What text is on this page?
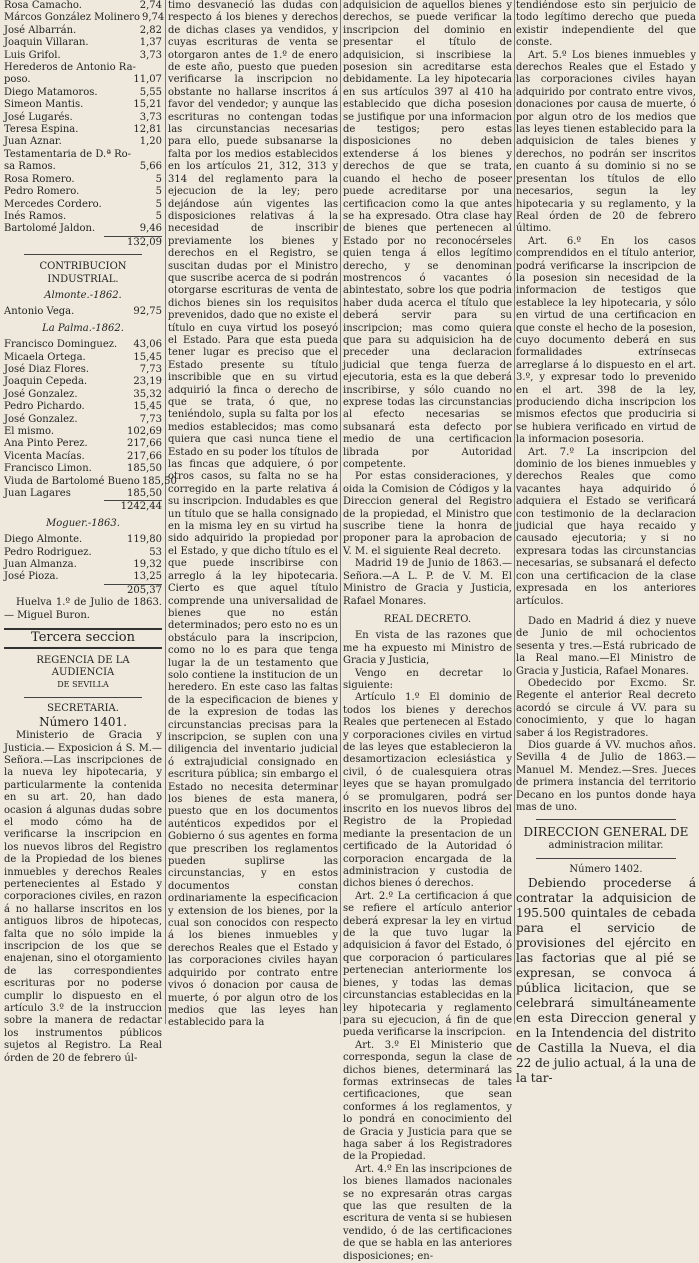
Rosa Camacho.	2,74
Márcos González Molinero 9,74
José Albarrán.	2,82
Joaquin Villaran.	1,37
Luis Grifol.	3,73
Herederos de Antonio Ra-
poso.	11,07
Diego Matamoros.	5,55
Simeon Mantis.	15,21
José Lugarés.	3,73
Teresa Espina.	12,81
Juan Aznar.	1,20
Testamentaria de D.ª Ro-
sa Ramos.	5,66
Rosa Romero.	5
Pedro Romero.	5
Mercedes Cordero.	5
Inés Ramos.	5
Bartolomé Jaldon.	9,46
132,09
CONTRIBUCION INDUSTRIAL.
Almonte.-1862.
Antonio Vega.	92,75
La Palma.-1862.
Francisco Dominguez. 43,06
Micaela Ortega.	15,45
José Diaz Flores.	7,73
Joaquin Cepeda.	23,19
José Gonzalez.	35,32
Pedro Pichardo.	15,45
José Gonzalez.	7,73
El mismo.	102,69
Ana Pinto Perez.	217,66
Vicenta Macías.	217,66
Francisco Limon.	185,50
Viuda de Bartolomé Bueno 185,50
Juan Lagares	185,50
1242,44
Moguer.-1863.
Diego Almonte.	119,80
Pedro Rodriguez.	53
Juan Almanza.	19,32
José Pioza.	13,25
205,37
Huelva 1.º de Julio de 1863.— Miguel Buron.
Tercera seccion
REGENCIA DE LA AUDIENCIA
DE SEVILLA
SECRETARIA.
Número 1401.

Ministerio de Gracia y Justicia.— Exposicion á S. M.—Señora.—Las inscripciones de la nueva ley hipotecaria, y particularmente la contenida en su art. 20, han dado ocasion á algunas dudas sobre el modo cómo ha de verificarse la inscripcion en los nuevos libros del Registro de la Propiedad de los bienes inmuebles y derechos Reales pertenecientes al Estado y corporaciones civiles, en razon á no hallarse inscritos en los antiguos libros de hipotecas, falta que no sólo impide la inscripcion de los que se enajenan, sino el otorgamiento de las correspondientes escrituras por no poderse cumplir lo dispuesto en el artículo 3.º de la instruccion sobre la manera de redactar los instrumentos públicos sujetos al Registro. La Real órden de 20 de febrero úl-

timo desvaneció las dudas con respecto á los bienes y derechos de dichas clases ya vendidos, y cuyas escrituras de venta se otorgaron antes de 1.º de enero de este año, puesto que pueden verificarse la inscripcion no obstante no hallarse inscritos á favor del vendedor; y aunque las escrituras no contengan todas las circunstancias necesarias para ello, puede subsanarse la falta por los medios establecidos en los artículos 21, 312, 313 y 314 del reglamento para la ejecucion de la ley; pero dejándose aún vigentes las disposiciones relativas á la necesidad de inscribir previamente los bienes y derechos en el Registro, se suscitan dudas por el Ministro que suscribe acerca de si podrán otorgarse escrituras de venta de dichos bienes sin los requisitos prevenidos, dado que no existe el título en cuya virtud los poseyó el Estado. Para que esta pueda tener lugar es preciso que el Estado presente su título inscribible que en su virtud adquirió la finca o derecho de que se trata, ó que, no teniéndolo, supla su falta por los medios establecidos; mas como quiera que casi nunca tiene el Estado en su poder los títulos de las fincas que adquiere, ó por otros casos, su falta no se ha corregido en la parte relativa á su inscripcion. Indudables es que un título que se halla consignado en la misma ley en su virtud ha sido adquirido la propiedad por el Estado, y que dicho título es el que puede inscribirse con arreglo á la ley hipotecaria. Cierto es que aquel título comprende una universalidad de bienes que no están determinados; pero esto no es un obstáculo para la inscripcion, como no lo es para que tenga lugar la de un testamento que solo contiene la institucion de un heredero. En este caso las faltas de la especificacion de bienes y de la expresion de todas las circunstancias precisas para la inscripcion, se suplen con una diligencia del inventario judicial ó extrajudicial consignado en escritura pública; sin embargo el Estado no necesita determinar los bienes de esta manera, puesto que en los documentos auténticos expedidos por el Gobierno ó sus agentes en forma que prescriben los reglamentos pueden suplirse las circunstancias, y en estos documentos constan ordinariamente la especificacion y extension de los bienes, por la cual son conocidos con respecto á los bienes inmuebles y derechos Reales que el Estado y las corporaciones civiles hayan adquirido por contrato entre vivos ó donacion por causa de muerte, ó por algun otro de los medios que las leyes han establecido para la

adquisicion de aquellos bienes y derechos, se puede verificar la inscripcion del dominio en presentar el título de adquisicion, si inscribiese la posesion sin acreditarse esta debidamente. La ley hipotecaria en sus artículos 397 al 410 ha establecido que dicha posesion se justifique por una informacion de testigos; pero estas disposiciones no deben extenderse á los bienes y derechos de que se trata, cuando el hecho de poseer puede acreditarse por una certificacion como la que antes se ha expresado. Otra clase hay de bienes que pertenecen al Estado por no reconocérseles quien tenga á ellos legítimo derecho, y se denominan mostrencos ó vacantes ó abintestato, sobre los que podria haber duda acerca el título que deberá servir para su inscripcion; mas como quiera que para su adquisicion ha de preceder una declaracion judicial que tenga fuerza de ejecutoria, esta es la que deberá inscribirse, y sólo cuando no exprese todas las circunstancias al efecto necesarias se subsanará esta defecto por medio de una certificacion librada por Autoridad competente.

Por estas consideraciones, y oida la Comision de Códigos y la Direccion general del Registro de la propiedad, el Ministro que suscribe tiene la honra de proponer para la aprobacion de V. M. el siguiente Real decreto.

Madrid 19 de Junio de 1863.— Señora.—A L. P. de V. M. El Ministro de Gracia y Justicia, Rafael Monares.

REAL DECRETO.

En vista de las razones que me ha expuesto mi Ministro de Gracia y Justicia,

Vengo en decretar lo siguiente:

Artículo 1.º El dominio de todos los bienes y derechos Reales que pertenecen al Estado y corporaciones civiles en virtud de las leyes que establecieron la desamortizacion eclesiástica y civil, ó de cualesquiera otras leyes que se hayan promulgado ó se promulgaren, podrá ser inscrito en los nuevos libros del Registro de la Propiedad mediante la presentacion de un certificado de la Autoridad ó corporacion encargada de la administracion y custodia de dichos bienes ó derechos.

Art. 2.º La certificacion á que se refiere el artículo anterior deberá expresar la ley en virtud de la que tuvo lugar la adquisicion á favor del Estado, ó que corporacion ó particulares pertenecian anteriormente los bienes, y todas las demas circunstancias establecidas en la ley hipotecaria y reglamento para su ejecucion, á fin de que pueda verificarse la inscripcion.

Art. 3.º El Ministerio que corresponda, segun la clase de dichos bienes, determinará las formas extrinsecas de tales certificaciones, que sean conformes á los reglamentos, y lo pondrá en conocimiento del de Gracia y Justicia para que se haga saber á los Registradores de la Propiedad.

Art. 4.º En las inscripciones de los bienes llamados nacionales se no expresarán otras cargas que las que resulten de la escritura de venta si se hubiesen vendido, ó de las certificaciones de que se habla en las anteriores disposiciones; en-

tendiéndose esto sin perjuicio de todo legítimo derecho que pueda existir independiente del que conste.

Art. 5.º Los bienes inmuebles y derechos Reales que el Estado y las corporaciones civiles hayan adquirido por contrato entre vivos, donaciones por causa de muerte, ó por algun otro de los medios que las leyes tienen establecido para la adquisicion de tales bienes y derechos, no podrán ser inscritos en cuanto á su dominio si no se presentan los títulos de ello necesarios, segun la ley hipotecaria y su reglamento, y la Real órden de 20 de febrero último.

Art. 6.º En los casos comprendidos en el título anterior, podrá verificarse la inscripcion de la posesion sin necesidad de la informacion de testigos que establece la ley hipotecaria, y sólo en virtud de una certificacion en que conste el hecho de la posesion, cuyo documento deberá en sus formalidades extrínsecas arreglarse á lo dispuesto en el art. 3.º, y expresar todo lo prevenido en el art. 398 de la ley, produciendo dicha inscripcion los mismos efectos que produciria si se hubiera verificado en virtud de la informacion posesoria.

Art. 7.º La inscripcion del dominio de los bienes inmuebles y derechos Reales que como vacantes haya adquirido ó adquiera el Estado se verificará con testimonio de la declaracion judicial que haya recaido y causado ejecutoria; y si no expresara todas las circunstancias necesarias, se subsanará el defecto con una certificacion de la clase expresada en los anteriores artículos.

Dado en Madrid á diez y nueve de Junio de mil ochocientos sesenta y tres.—Está rubricado de la Real mano.—El Ministro de Gracia y Justicia, Rafael Monares.

Obedecido por Excmo. Sr. Regente el anterior Real decreto acordó se circule á VV. para su conocimiento, y que lo hagan saber á los Registradores.

Dios guarde á VV. muchos años. Sevilla 4 de Julio de 1863.—Manuel M. Mendez.—Sres. Jueces de primera instancia del territorio Decano en los puntos donde haya mas de uno.

DIRECCION GENERAL DE
administracion militar.
Número 1402.

Debiendo procederse á contratar la adquisicion de 195.500 quintales de cebada para el servicio de provisiones del ejército en las factorias que al pié se expresan, se convoca á pública licitacion, que se celebrará simultáneamente en esta Direccion general y en la Intendencia del distrito de Castilla la Nueva, el dia 22 de julio actual, á la una de la tar-
